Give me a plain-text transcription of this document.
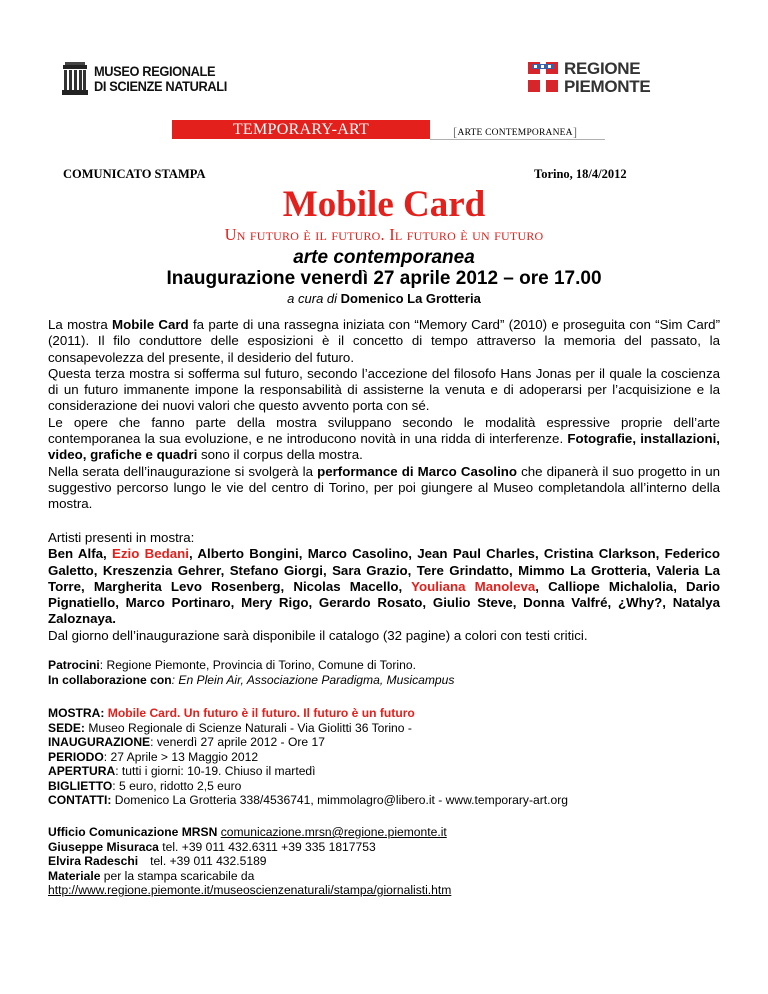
MUSEO REGIONALE
DI SCIENZE NATURALI
REGIONE
PIEMONTE
TEMPORARY-ART	[ARTE CONTEMPORANEA]
COMUNICATO STAMPA	Torino, 18/4/2012
Mobile Card
Un futuro è il futuro. Il futuro è un futuro
arte contemporanea
Inaugurazione venerdì 27 aprile 2012 – ore 17.00
a cura di Domenico La Grotteria
La mostra Mobile Card fa parte di una rassegna iniziata con “Memory Card” (2010) e proseguita con “Sim Card” (2011). Il filo conduttore delle esposizioni è il concetto di tempo attraverso la memoria del passato, la consapevolezza del presente, il desiderio del futuro.
Questa terza mostra si sofferma sul futuro, secondo l’accezione del filosofo Hans Jonas per il quale la coscienza di un futuro immanente impone la responsabilità di assisterne la venuta e di adoperarsi per l’acquisizione e la considerazione dei nuovi valori che questo avvento porta con sé.
Le opere che fanno parte della mostra sviluppano secondo le modalità espressive proprie dell’arte contemporanea la sua evoluzione, e ne introducono novità in una ridda di interferenze. Fotografie, installazioni, video, grafiche e quadri sono il corpus della mostra.
Nella serata dell’inaugurazione si svolgerà la performance di Marco Casolino che dipanerà il suo progetto in un suggestivo percorso lungo le vie del centro di Torino, per poi giungere al Museo completandola all’interno della mostra.
Artisti presenti in mostra:
Ben Alfa, Ezio Bedani, Alberto Bongini, Marco Casolino, Jean Paul Charles, Cristina Clarkson, Federico Galetto, Kreszenzia Gehrer, Stefano Giorgi, Sara Grazio, Tere Grindatto, Mimmo La Grotteria, Valeria La Torre, Margherita Levo Rosenberg, Nicolas Macello, Youliana Manoleva, Calliope Michalolia, Dario Pignatiello, Marco Portinaro, Mery Rigo, Gerardo Rosato, Giulio Steve, Donna Valfré, ¿Why?, Natalya Zaloznaya.
Dal giorno dell’inaugurazione sarà disponibile il catalogo (32 pagine) a colori con testi critici.
Patrocini: Regione Piemonte, Provincia di Torino, Comune di Torino.
In collaborazione con: En Plein Air, Associazione Paradigma, Musicampus
MOSTRA: Mobile Card. Un futuro è il futuro. Il futuro è un futuro
SEDE: Museo Regionale di Scienze Naturali - Via Giolitti 36 Torino -
INAUGURAZIONE: venerdì 27 aprile 2012 - Ore 17
PERIODO: 27 Aprile > 13 Maggio 2012
APERTURA: tutti i giorni: 10-19. Chiuso il martedì
BIGLIETTO: 5 euro, ridotto 2,5 euro
CONTATTI: Domenico La Grotteria 338/4536741, mimmolagro@libero.it - www.temporary-art.org
Ufficio Comunicazione MRSN comunicazione.mrsn@regione.piemonte.it
Giuseppe Misuraca tel. +39 011 432.6311 +39 335 1817753
Elvira Radeschi tel. +39 011 432.5189
Materiale per la stampa scaricabile da
http://www.regione.piemonte.it/museoscienzenaturali/stampa/giornalisti.htm
